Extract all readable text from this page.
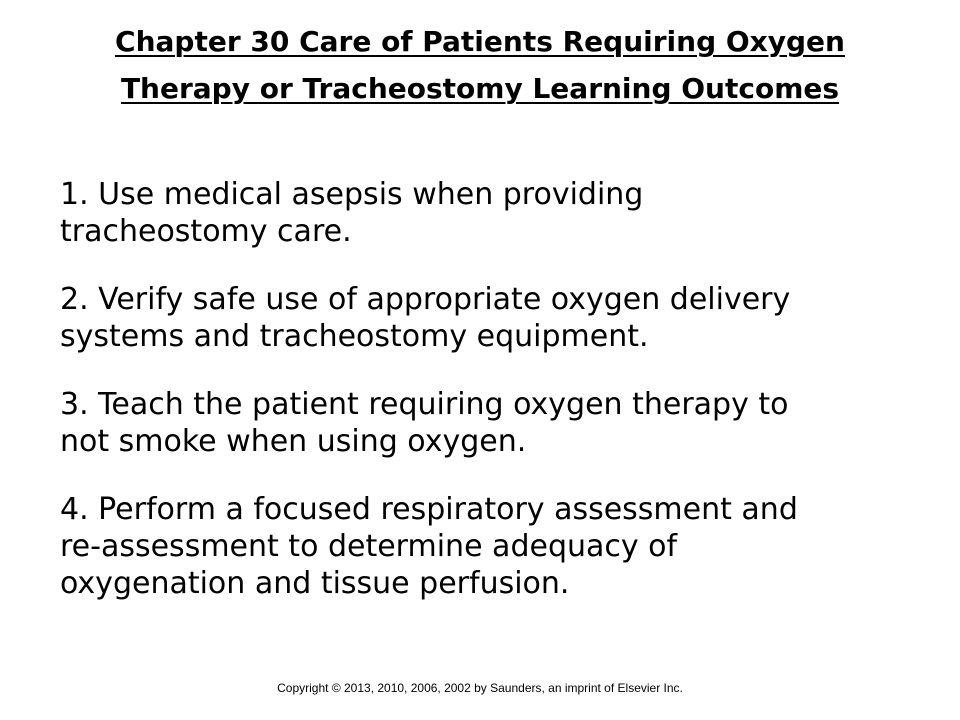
Chapter 30 Care of Patients Requiring Oxygen
Therapy or Tracheostomy Learning Outcomes
1. Use medical asepsis when providing
tracheostomy care.
2. Verify safe use of appropriate oxygen delivery
systems and tracheostomy equipment.
3. Teach the patient requiring oxygen therapy to
not smoke when using oxygen.
4. Perform a focused respiratory assessment and
re-assessment to determine adequacy of
oxygenation and tissue perfusion.
Copyright © 2013, 2010, 2006, 2002 by Saunders, an imprint of Elsevier Inc.
